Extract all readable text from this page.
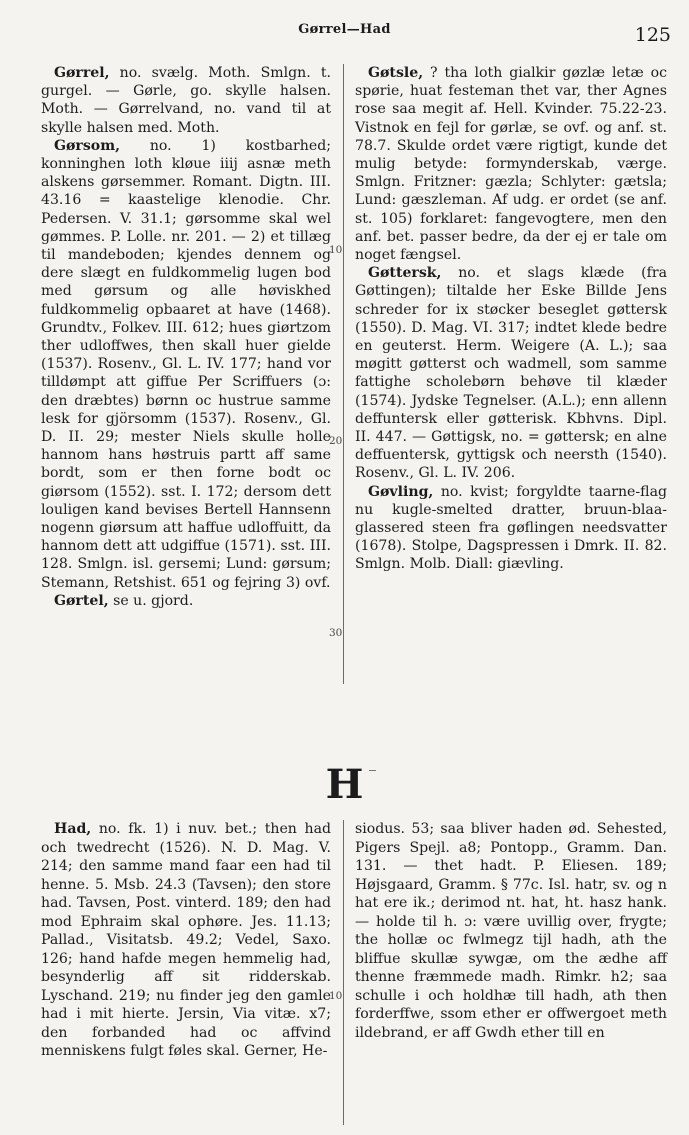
Gørrel—Had	125

Gørrel, no. svælg. Moth. Smlgn. t. gurgel. — Gørle, go. skylle halsen. Moth. — Gørrelvand, no. vand til at skylle halsen med. Moth.

Gørsom, no. 1) kostbarhed; konninghen loth kløue iiij asnæ meth alskens gørsemmer. Romant. Digtn. III. 43.16 = kaastelige klenodie. Chr. Pedersen. V. 31.1; gørsomme skal wel gømmes. P. Lolle. nr. 201. — 2) et tillæg til mandeboden; kjendes dennem og dere slægt en fuldkommelig lugen bod med gørsum og alle høviskhed fuldkommelig opbaaret at have (1468). Grundtv., Folkev. III. 612; hues giørtzom ther udloffwes, then skall huer gielde (1537). Rosenv., Gl. L. IV. 177; hand vor tilldømpt att giffue Per Scriffuers (ɔ: den dræbtes) børnn oc hustrue samme lesk for gjörsomm (1537). Rosenv., Gl. D. II. 29; mester Niels skulle holle hannom hans høstruis partt aff same bordt, som er then forne bodt oc giørsom (1552). sst. I. 172; dersom dett louligen kand bevises Bertell Hannsenn nogenn giørsum att haffue udloffuitt, da hannom dett att udgiffue (1571). sst. III. 128. Smlgn. isl. gersemi; Lund: gørsum; Stemann, Retshist. 651 og fejring 3) ovf.

Gørtel, se u. gjord.

Gøtsle, ? tha loth gialkir gøzlæ letæ oc spørie, huat festeman thet var, ther Agnes rose saa megit af. Hell. Kvinder. 75.22-23. Vistnok en fejl for gørlæ, se ovf. og anf. st. 78.7. Skulde ordet være rigtigt, kunde det mulig betyde: formynderskab, værge. Smlgn. Fritzner: gæzla; Schlyter: gætsla; Lund: gæszleman. Af udg. er ordet (se anf. st. 105) forklaret: fangevogtere, men den anf. bet. passer bedre, da der ej er tale om noget fængsel.

Gøttersk, no. et slags klæde (fra Gøttingen); tiltalde her Eske Billde Jens schreder for ix støcker beseglet gøttersk (1550). D. Mag. VI. 317; indtet klede bedre en geuterst. Herm. Weigere (A. L.); saa møgitt gøtterst och wadmell, som samme fattighe scholebørn behøve til klæder (1574). Jydske Tegnelser. (A.L.); enn allenn deffuntersk eller gøtterisk. Kbhvns. Dipl. II. 447. — Gøttigsk, no. = gøttersk; en alne deffuentersk, gyttigsk och neersth (1540). Rosenv., Gl. L. IV. 206.

Gøvling, no. kvist; forgyldte taarne-flag nu kugle-smelted dratter, bruun-blaa-glassered steen fra gøflingen needsvatter (1678). Stolpe, Dagspressen i Dmrk. II. 82. Smlgn. Molb. Diall: giævling.

10
20
30
H

Had, no. fk. 1) i nuv. bet.; then had och twedrecht (1526). N. D. Mag. V. 214; den samme mand faar een had til henne. 5. Msb. 24.3 (Tavsen); den store had. Tavsen, Post. vinterd. 189; den had mod Ephraim skal ophøre. Jes. 11.13; Pallad., Visitatsb. 49.2; Vedel, Saxo. 126; hand hafde megen hemmelig had, besynderlig aff sit ridderskab. Lyschand. 219; nu finder jeg den gamle had i mit hierte. Jersin, Via vitæ. x7; den forbanded had oc affvind menniskens fulgt føles skal. Gerner, He-

siodus. 53; saa bliver haden ød. Sehested, Pigers Spejl. a8; Pontopp., Gramm. Dan. 131. — thet hadt. P. Eliesen. 189; Højsgaard, Gramm. § 77c. Isl. hatr, sv. og n hat ere ik.; derimod nt. hat, ht. hasz hank. — holde til h. ɔ: være uvillig over, frygte; the hollæ oc fwlmegz tijl hadh, ath the bliffue skullæ sywgæ, om the ædhe aff thenne fræmmede madh. Rimkr. h2; saa schulle i och holdhæ till hadh, ath then forderffwe, ssom ether er offwergoet meth ildebrand, er aff Gwdh ether till en

10
